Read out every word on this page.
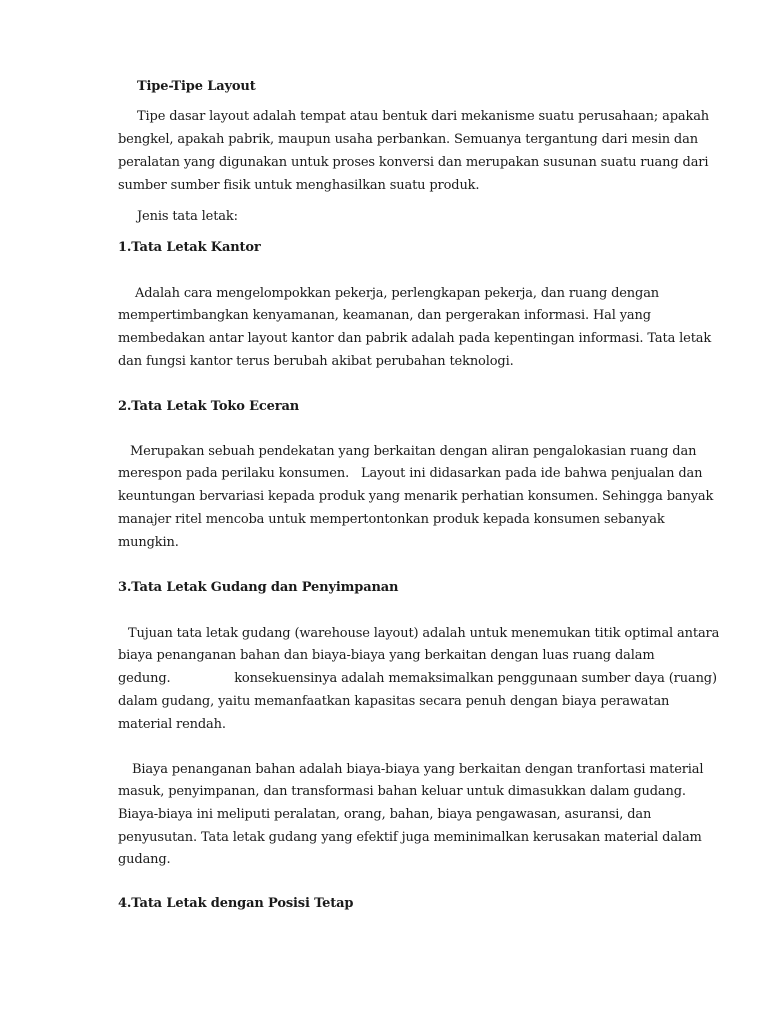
Tipe-Tipe Layout
Tipe dasar layout adalah tempat atau bentuk dari mekanisme suatu perusahaan; apakah
bengkel, apakah pabrik, maupun usaha perbankan. Semuanya tergantung dari mesin dan
peralatan yang digunakan untuk proses konversi dan merupakan susunan suatu ruang dari
sumber sumber fisik untuk menghasilkan suatu produk.
Jenis tata letak:
1.Tata Letak Kantor
Adalah cara mengelompokkan pekerja, perlengkapan pekerja, dan ruang dengan
mempertimbangkan kenyamanan, keamanan, dan pergerakan informasi. Hal yang
membedakan antar layout kantor dan pabrik adalah pada kepentingan informasi. Tata letak
dan fungsi kantor terus berubah akibat perubahan teknologi.
2.Tata Letak Toko Eceran
Merupakan sebuah pendekatan yang berkaitan dengan aliran pengalokasian ruang dan
merespon pada perilaku konsumen.   Layout ini didasarkan pada ide bahwa penjualan dan
keuntungan bervariasi kepada produk yang menarik perhatian konsumen. Sehingga banyak
manajer ritel mencoba untuk mempertontonkan produk kepada konsumen sebanyak
mungkin.
3.Tata Letak Gudang dan Penyimpanan
Tujuan tata letak gudang (warehouse layout) adalah untuk menemukan titik optimal antara
biaya penanganan bahan dan biaya-biaya yang berkaitan dengan luas ruang dalam
gedung.                konsekuensinya adalah memaksimalkan penggunaan sumber daya (ruang)
dalam gudang, yaitu memanfaatkan kapasitas secara penuh dengan biaya perawatan
material rendah.
Biaya penanganan bahan adalah biaya-biaya yang berkaitan dengan tranfortasi material
masuk, penyimpanan, dan transformasi bahan keluar untuk dimasukkan dalam gudang.
Biaya-biaya ini meliputi peralatan, orang, bahan, biaya pengawasan, asuransi, dan
penyusutan. Tata letak gudang yang efektif juga meminimalkan kerusakan material dalam
gudang.
4.Tata Letak dengan Posisi Tetap
